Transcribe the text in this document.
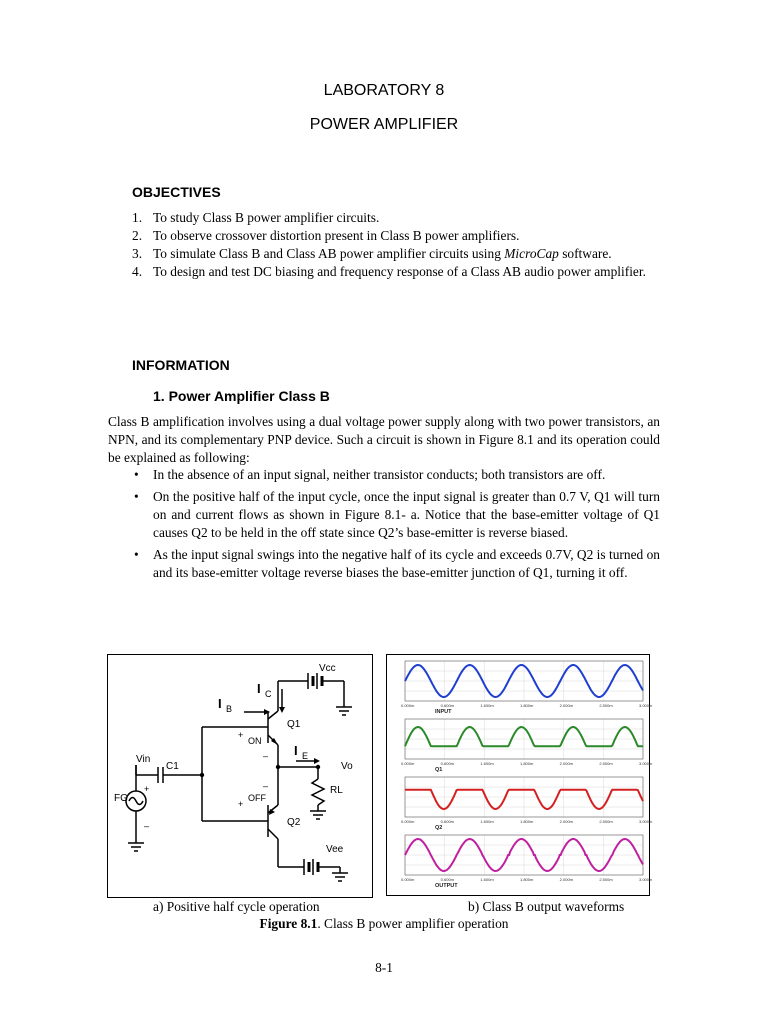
LABORATORY 8
POWER AMPLIFIER
OBJECTIVES
1. To study Class B power amplifier circuits.
2. To observe crossover distortion present in Class B power amplifiers.
3. To simulate Class B and Class AB power amplifier circuits using MicroCap software.
4. To design and test DC biasing and frequency response of a Class AB audio power amplifier.
INFORMATION
1. Power Amplifier Class B
Class B amplification involves using a dual voltage power supply along with two power transistors, an NPN, and its complementary PNP device. Such a circuit is shown in Figure 8.1 and its operation could be explained as following:
• In the absence of an input signal, neither transistor conducts; both transistors are off.
• On the positive half of the input cycle, once the input signal is greater than 0.7 V, Q1 will turn on and current flows as shown in Figure 8.1- a. Notice that the base-emitter voltage of Q1 causes Q2 to be held in the off state since Q2’s base-emitter is reverse biased.
• As the input signal swings into the negative half of its cycle and exceeds 0.7V, Q2 is turned on and its base-emitter voltage reverse biases the base-emitter junction of Q1, turning it off.
Vcc
I C
I B
Q1
+
ON
– I E
Vin
C1	Vo
–
OFF
+
RL
+
FG
–	Q2
Vee
0.000m	0.600m	1.600m	1.800m	2.000m	2.500m	3.000m
INPUT
0.000m	0.600m	1.600m	1.800m	2.000m	2.500m	3.000m
Q1
0.000m	0.600m	1.600m	1.800m	2.000m	2.500m	3.000m
Q2
0.000m	0.600m	1.600m	1.800m	2.000m	2.500m	3.000m
OUTPUT
a) Positive half cycle operation	b) Class B output waveforms
Figure 8.1. Class B power amplifier operation
8-1
